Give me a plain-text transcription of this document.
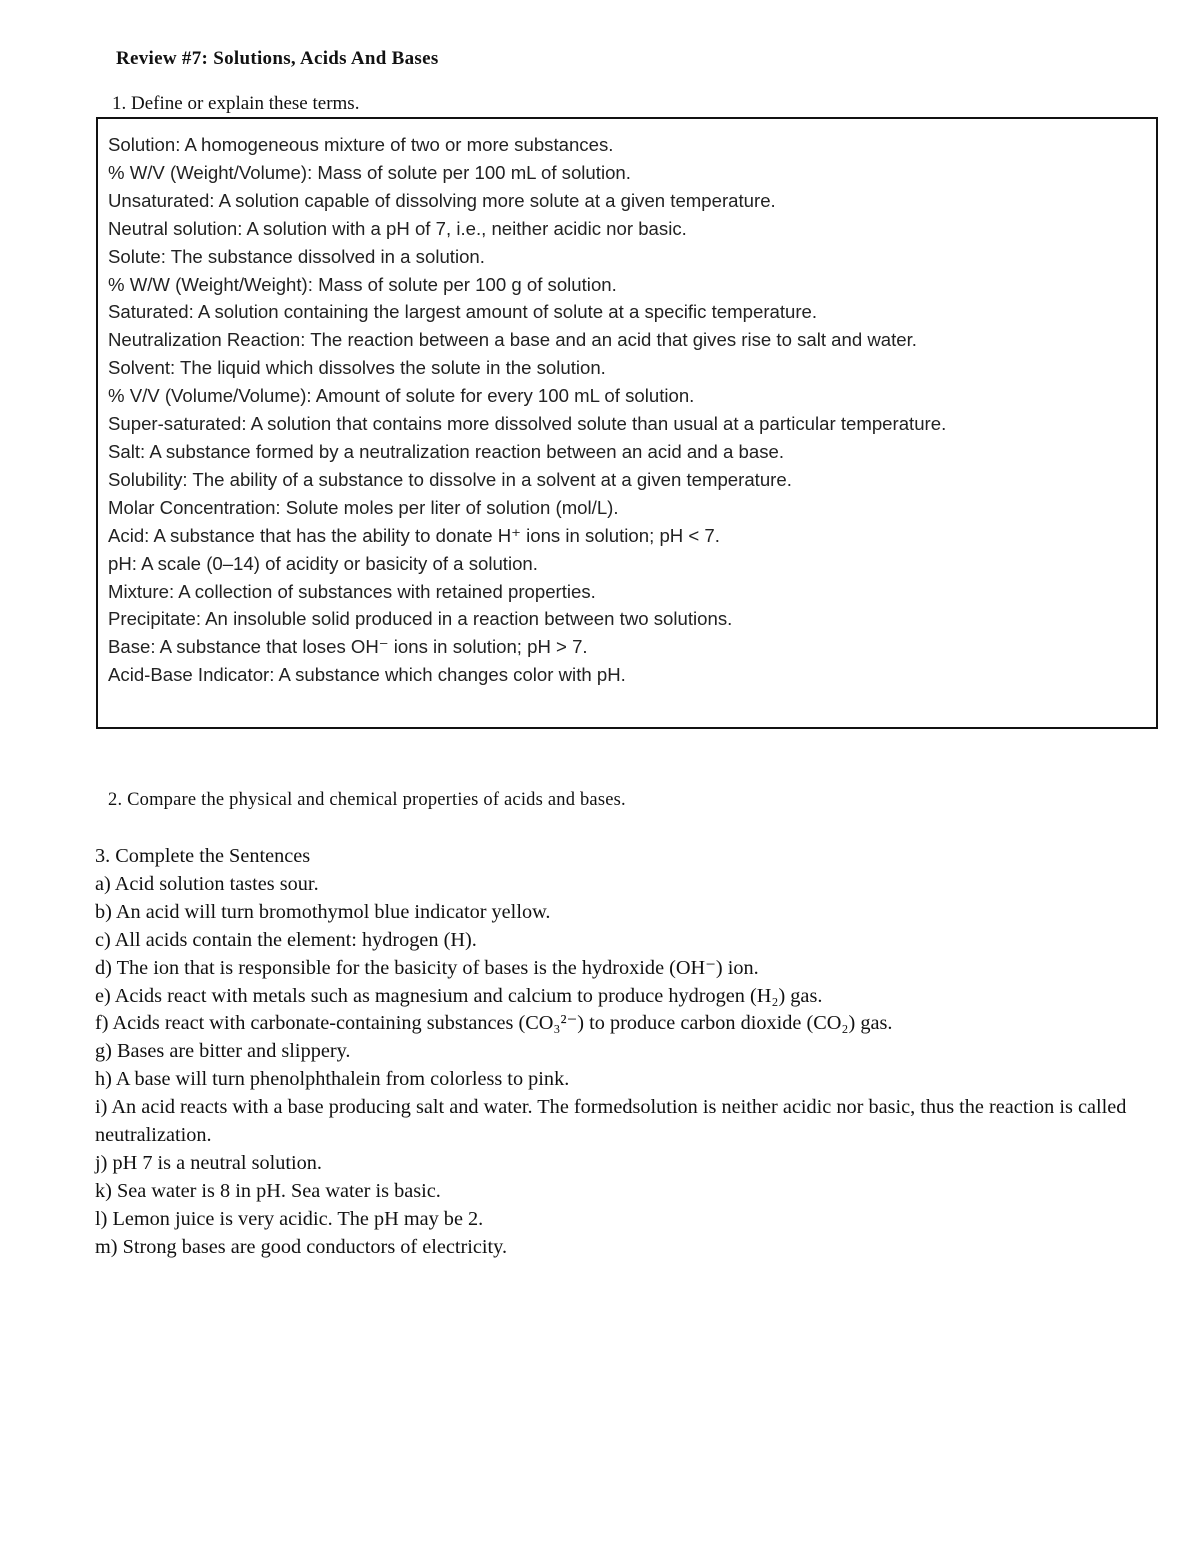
Review #7: Solutions, Acids And Bases
1. Define or explain these terms.
Solution: A homogeneous mixture of two or more substances.
% W/V (Weight/Volume): Mass of solute per 100 mL of solution.
Unsaturated: A solution capable of dissolving more solute at a given temperature.
Neutral solution: A solution with a pH of 7, i.e., neither acidic nor basic.
Solute: The substance dissolved in a solution.
% W/W (Weight/Weight): Mass of solute per 100 g of solution.
Saturated: A solution containing the largest amount of solute at a specific temperature.
Neutralization Reaction: The reaction between a base and an acid that gives rise to salt and water.
Solvent: The liquid which dissolves the solute in the solution.
% V/V (Volume/Volume): Amount of solute for every 100 mL of solution.
Super-saturated: A solution that contains more dissolved solute than usual at a particular temperature.
Salt: A substance formed by a neutralization reaction between an acid and a base.
Solubility: The ability of a substance to dissolve in a solvent at a given temperature.
Molar Concentration: Solute moles per liter of solution (mol/L).
Acid: A substance that has the ability to donate H⁺ ions in solution; pH < 7.
pH: A scale (0–14) of acidity or basicity of a solution.
Mixture: A collection of substances with retained properties.
Precipitate: An insoluble solid produced in a reaction between two solutions.
Base: A substance that loses OH⁻ ions in solution; pH > 7.
Acid-Base Indicator: A substance which changes color with pH.
2. Compare the physical and chemical properties of acids and bases.

3. Complete the Sentences

a) Acid solution tastes sour.
b) An acid will turn bromothymol blue indicator yellow.
c) All acids contain the element: hydrogen (H).
d) The ion that is responsible for the basicity of bases is the hydroxide (OH⁻) ion.
e) Acids react with metals such as magnesium and calcium to produce hydrogen (H₂) gas.
f) Acids react with carbonate-containing substances (CO₃²⁻) to produce carbon dioxide (CO₂) gas.
g) Bases are bitter and slippery.
h) A base will turn phenolphthalein from colorless to pink.
i) An acid reacts with a base producing salt and water. The formedsolution is neither acidic nor basic, thus the reaction is called neutralization.
j) pH 7 is a neutral solution.
k) Sea water is 8 in pH. Sea water is basic.
l) Lemon juice is very acidic. The pH may be 2.
m) Strong bases are good conductors of electricity.
